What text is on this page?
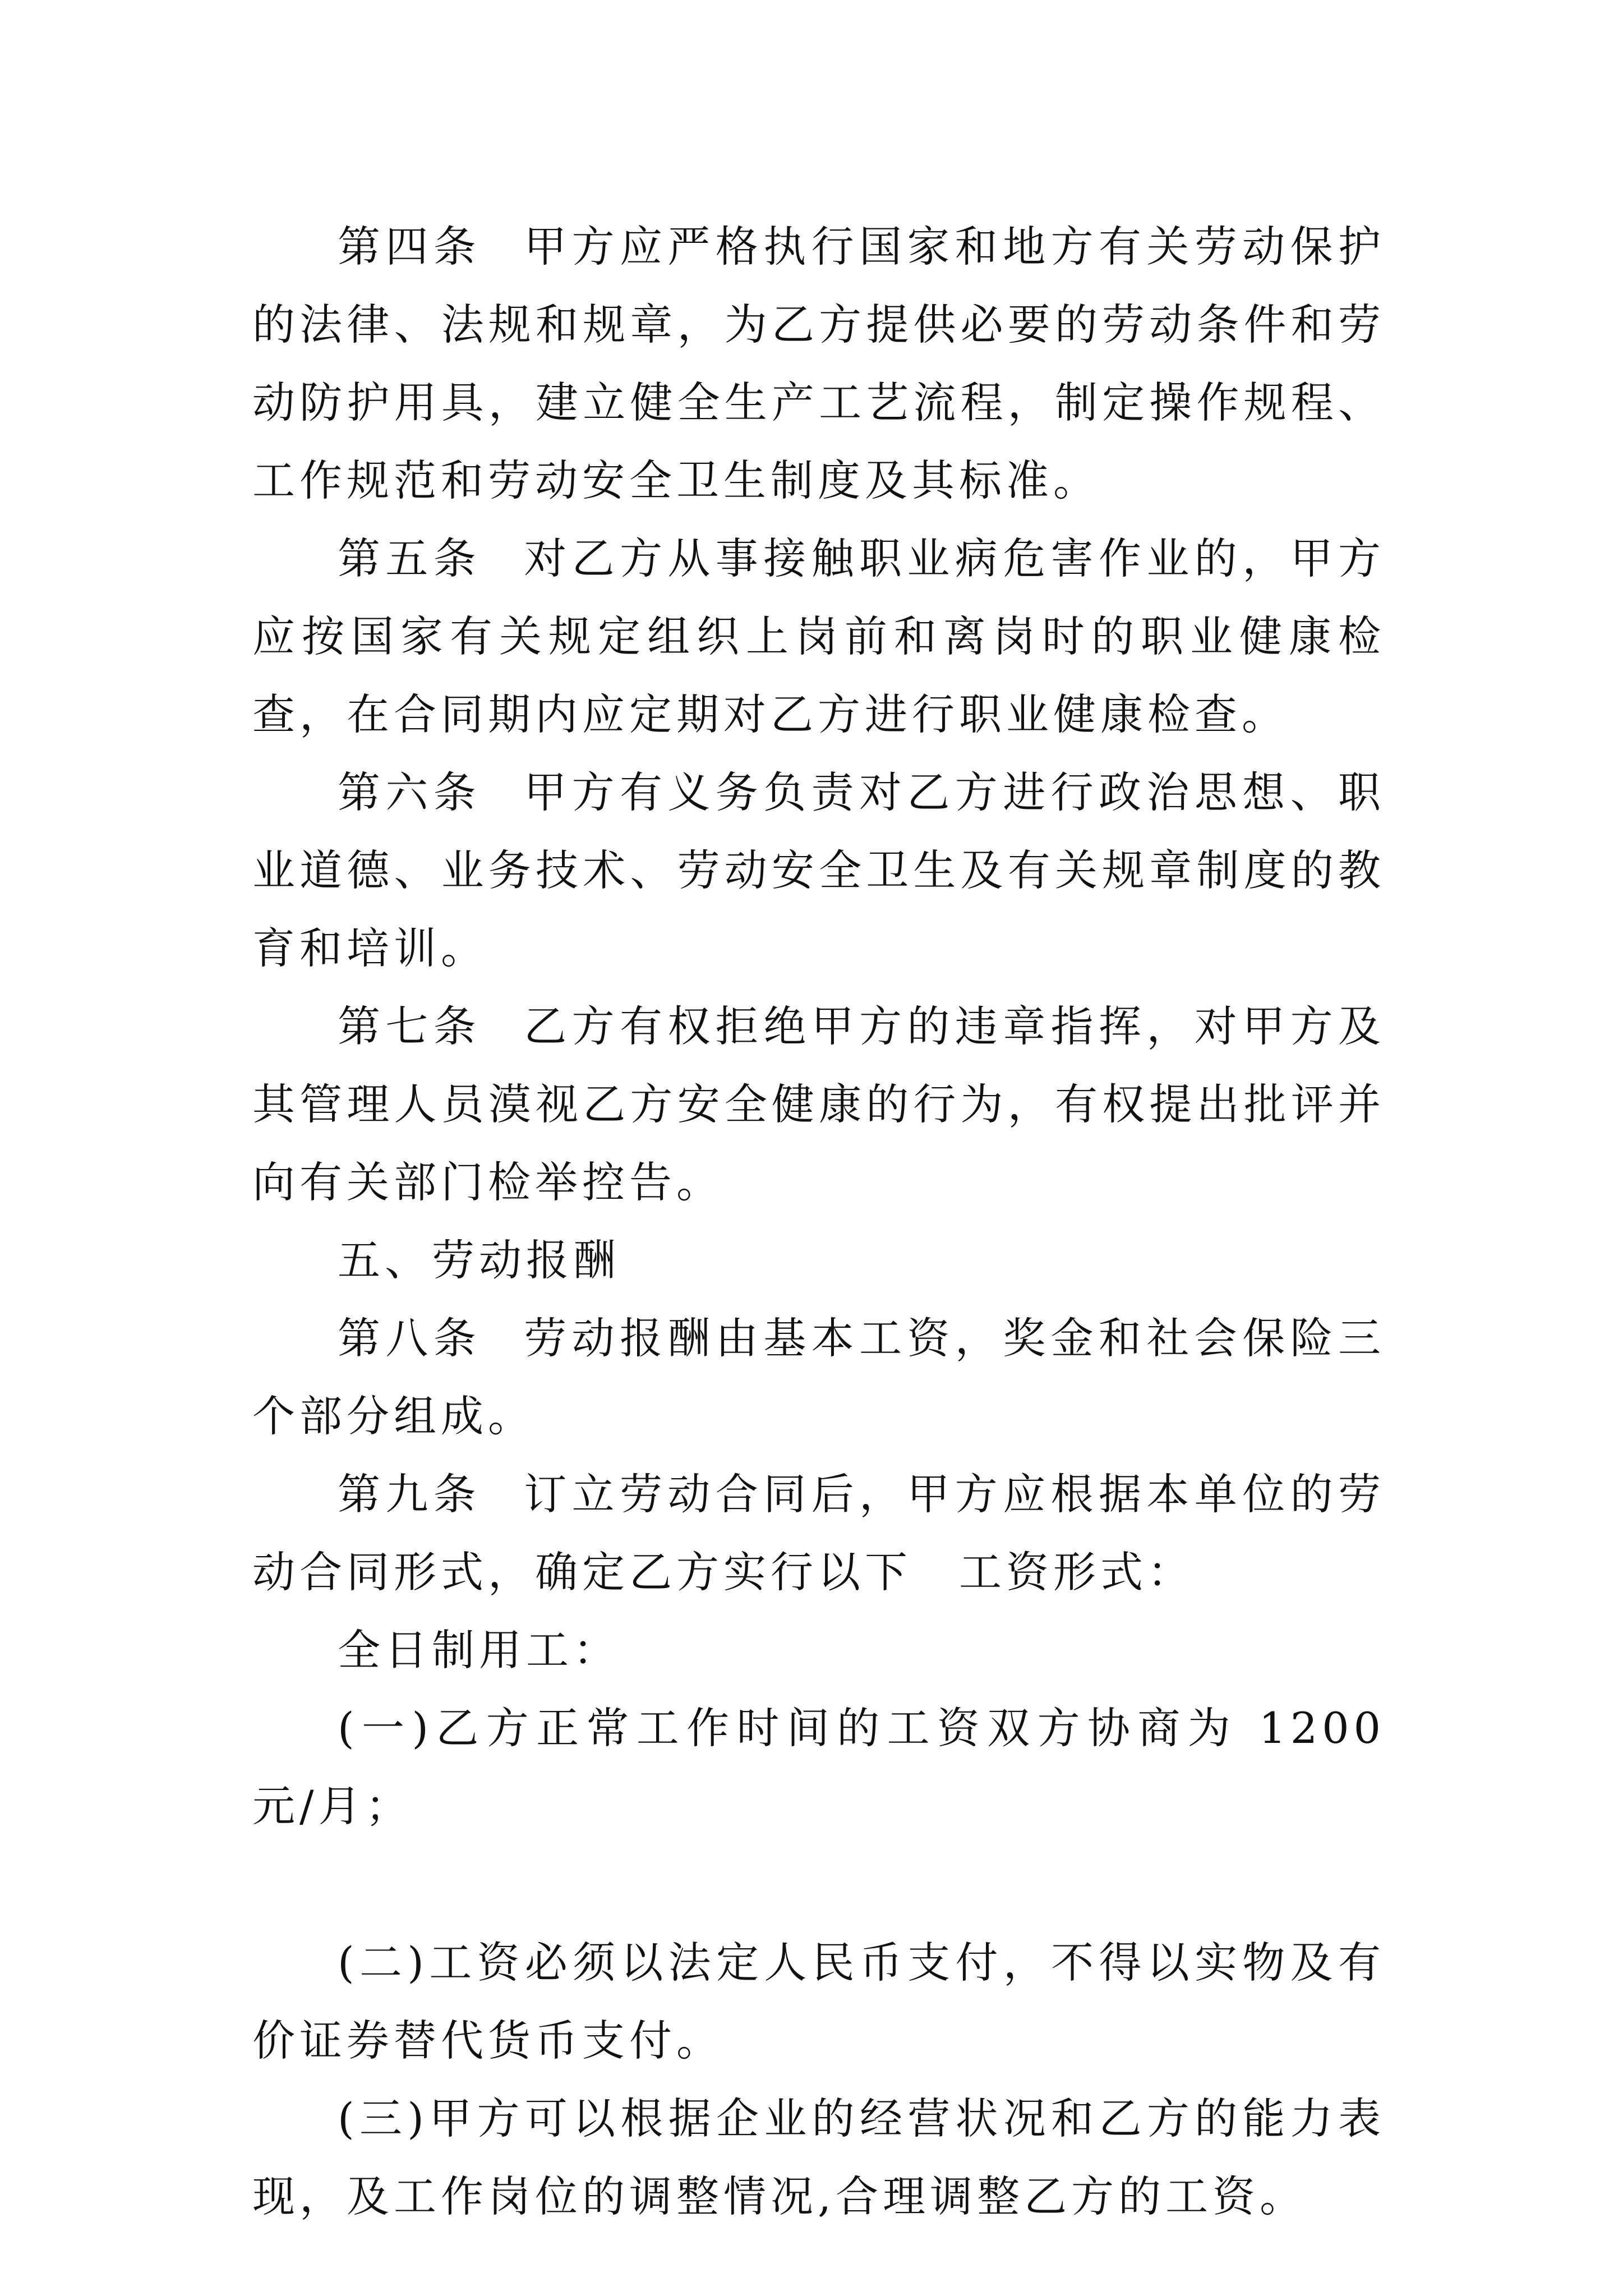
第四条 甲方应严格执行国家和地方有关劳动保护的法律、法规和规章，为乙方提供必要的劳动条件和劳动防护用具，建立健全生产工艺流程，制定操作规程、工作规范和劳动安全卫生制度及其标准。

第五条 对乙方从事接触职业病危害作业的，甲方应按国家有关规定组织上岗前和离岗时的职业健康检查，在合同期内应定期对乙方进行职业健康检查。

第六条 甲方有义务负责对乙方进行政治思想、职业道德、业务技术、劳动安全卫生及有关规章制度的教育和培训。

第七条 乙方有权拒绝甲方的违章指挥，对甲方及其管理人员漠视乙方安全健康的行为，有权提出批评并向有关部门检举控告。

五、劳动报酬

第八条 劳动报酬由基本工资，奖金和社会保险三个部分组成。

第九条 订立劳动合同后，甲方应根据本单位的劳动合同形式，确定乙方实行以下　工资形式：

全日制用工：

(一)乙方正常工作时间的工资双方协商为 1200 元/月；

(二)工资必须以法定人民币支付，不得以实物及有价证券替代货币支付。

(三)甲方可以根据企业的经营状况和乙方的能力表现，及工作岗位的调整情况,合理调整乙方的工资。
